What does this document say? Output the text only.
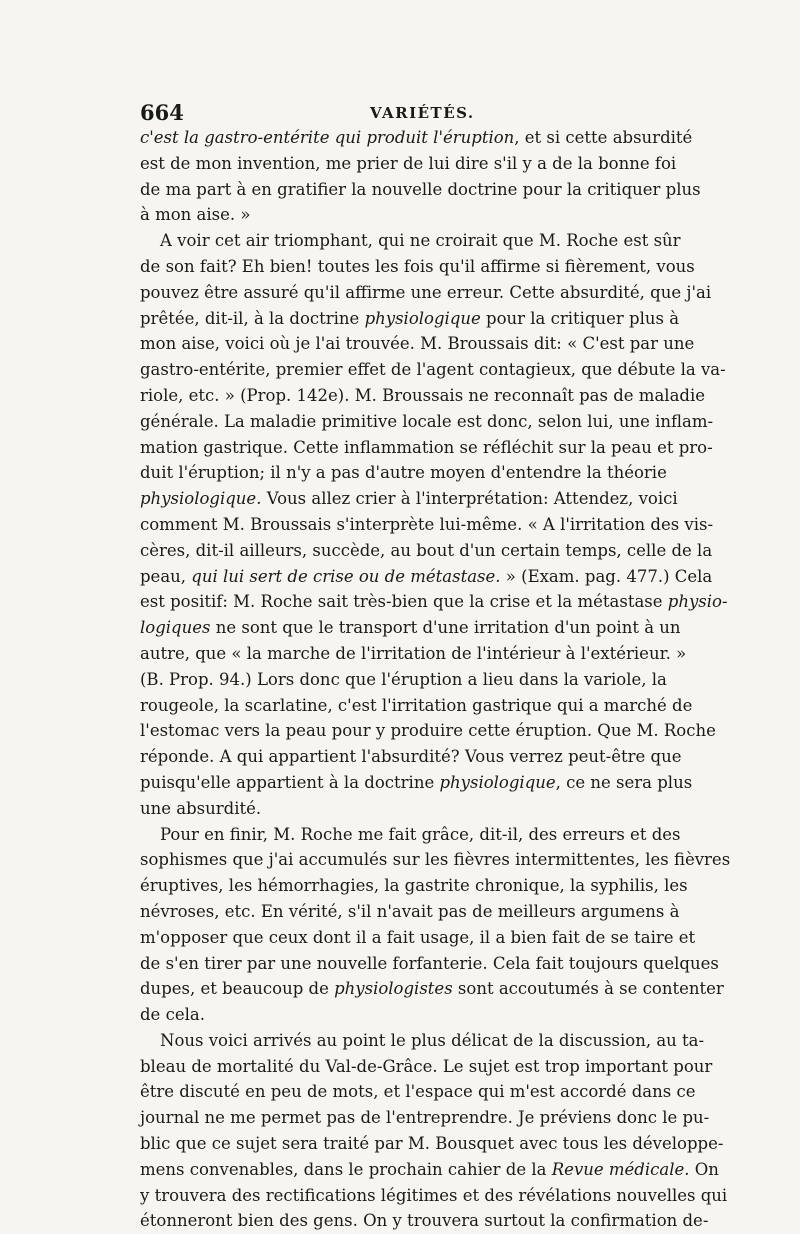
664	VARIÉTÉS.
c'est la gastro-entérite qui produit l'éruption, et si cette absurdité
est de mon invention, me prier de lui dire s'il y a de la bonne foi
de ma part à en gratifier la nouvelle doctrine pour la critiquer plus
à mon aise. »
A voir cet air triomphant, qui ne croirait que M. Roche est sûr
de son fait? Eh bien! toutes les fois qu'il affirme si fièrement, vous
pouvez être assuré qu'il affirme une erreur. Cette absurdité, que j'ai
prêtée, dit-il, à la doctrine physiologique pour la critiquer plus à
mon aise, voici où je l'ai trouvée. M. Broussais dit: « C'est par une
gastro-entérite, premier effet de l'agent contagieux, que débute la va-
riole, etc. » (Prop. 142e). M. Broussais ne reconnaît pas de maladie
générale. La maladie primitive locale est donc, selon lui, une inflam-
mation gastrique. Cette inflammation se réfléchit sur la peau et pro-
duit l'éruption; il n'y a pas d'autre moyen d'entendre la théorie
physiologique. Vous allez crier à l'interprétation: Attendez, voici
comment M. Broussais s'interprète lui-même. « A l'irritation des vis-
cères, dit-il ailleurs, succède, au bout d'un certain temps, celle de la
peau, qui lui sert de crise ou de métastase. » (Exam. pag. 477.) Cela
est positif: M. Roche sait très-bien que la crise et la métastase physio-
logiques ne sont que le transport d'une irritation d'un point à un
autre, que « la marche de l'irritation de l'intérieur à l'extérieur. »
(B. Prop. 94.) Lors donc que l'éruption a lieu dans la variole, la
rougeole, la scarlatine, c'est l'irritation gastrique qui a marché de
l'estomac vers la peau pour y produire cette éruption. Que M. Roche
réponde. A qui appartient l'absurdité? Vous verrez peut-être que
puisqu'elle appartient à la doctrine physiologique, ce ne sera plus
une absurdité.
Pour en finir, M. Roche me fait grâce, dit-il, des erreurs et des
sophismes que j'ai accumulés sur les fièvres intermittentes, les fièvres
éruptives, les hémorrhagies, la gastrite chronique, la syphilis, les
névroses, etc. En vérité, s'il n'avait pas de meilleurs argumens à
m'opposer que ceux dont il a fait usage, il a bien fait de se taire et
de s'en tirer par une nouvelle forfanterie. Cela fait toujours quelques
dupes, et beaucoup de physiologistes sont accoutumés à se contenter
de cela.
Nous voici arrivés au point le plus délicat de la discussion, au ta-
bleau de mortalité du Val-de-Grâce. Le sujet est trop important pour
être discuté en peu de mots, et l'espace qui m'est accordé dans ce
journal ne me permet pas de l'entreprendre. Je préviens donc le pu-
blic que ce sujet sera traité par M. Bousquet avec tous les développe-
mens convenables, dans le prochain cahier de la Revue médicale. On
y trouvera des rectifications légitimes et des révélations nouvelles qui
étonneront bien des gens. On y trouvera surtout la confirmation de-
